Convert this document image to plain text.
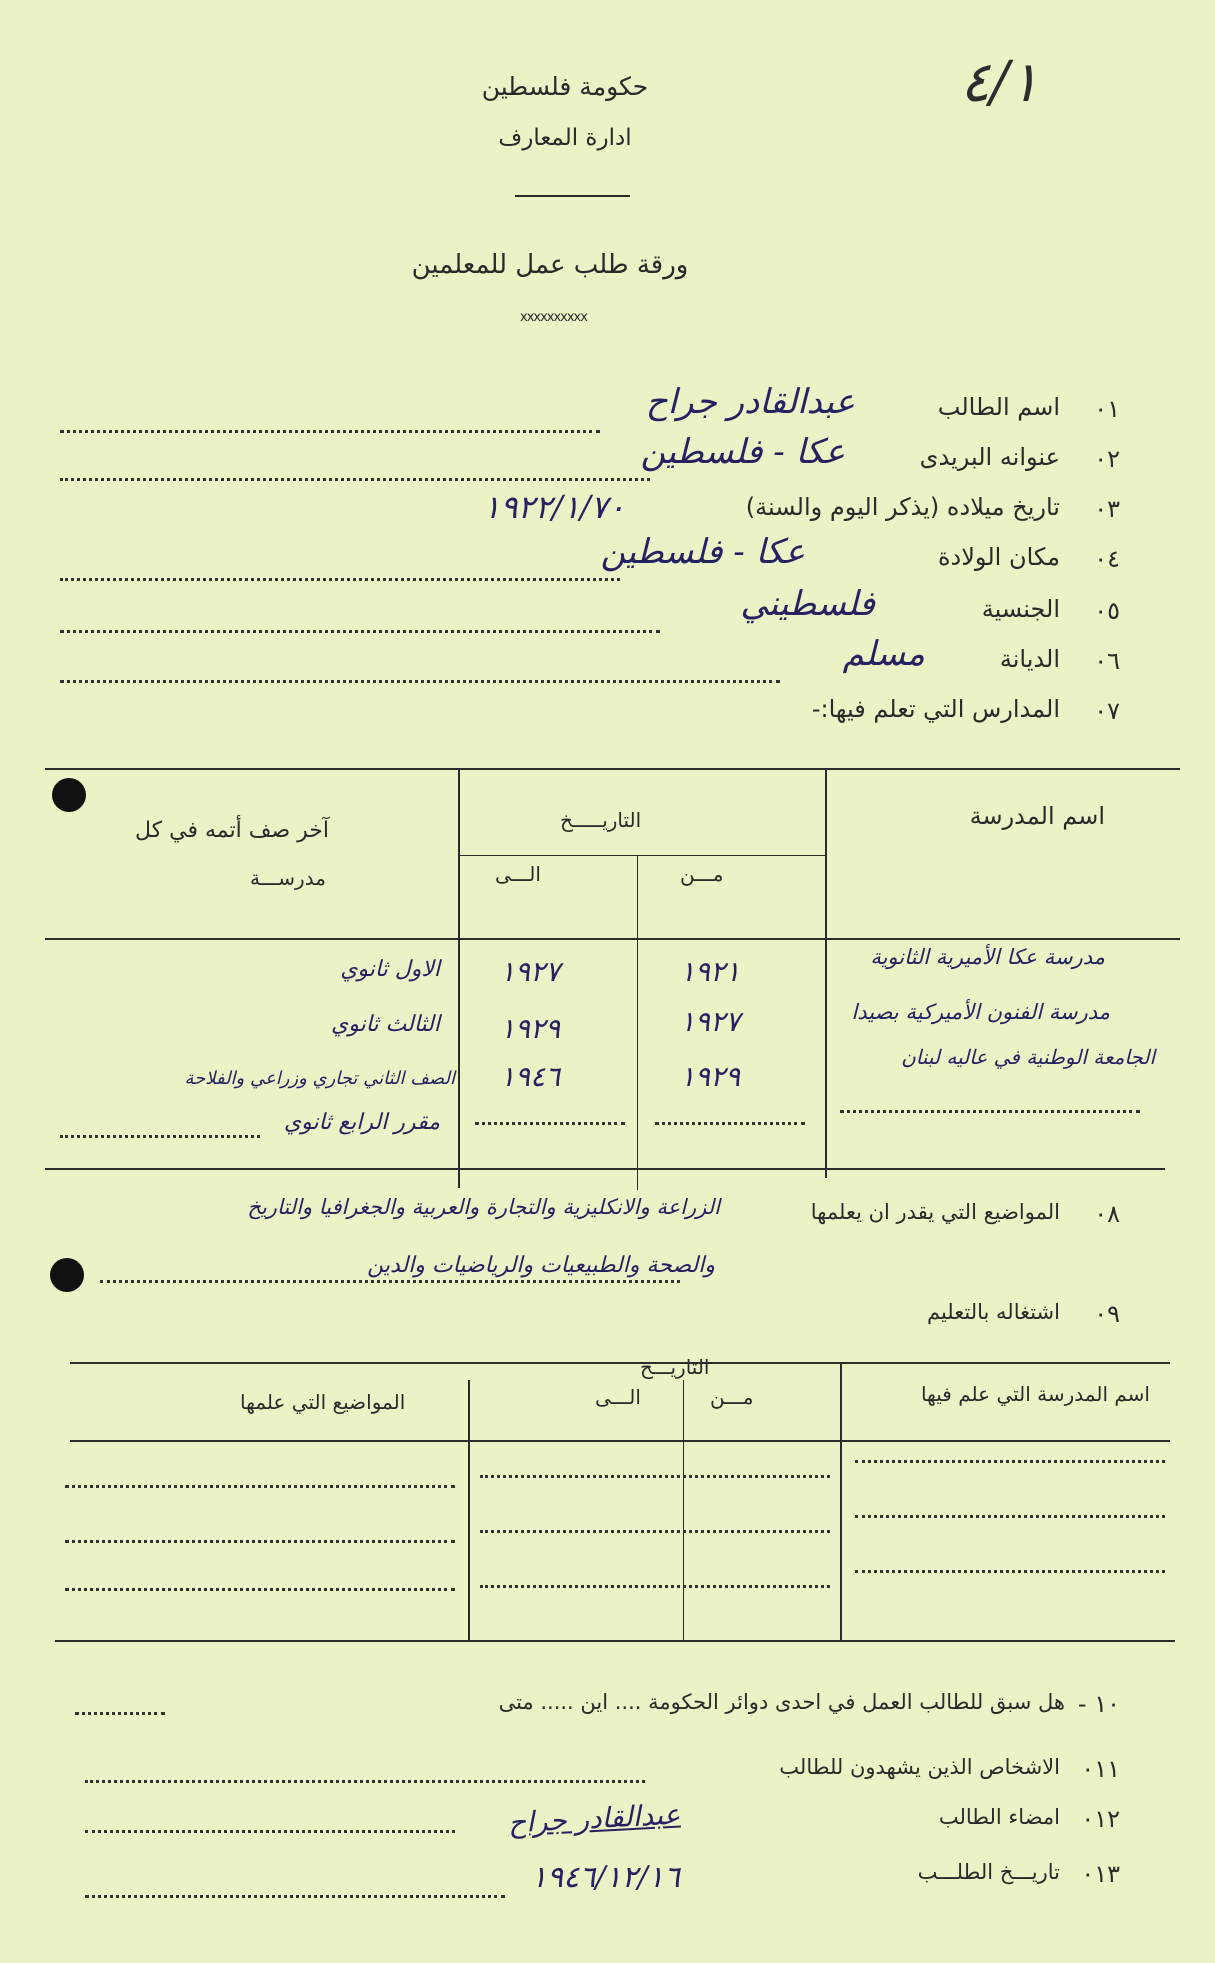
٤/١
حكومة فلسطين
ادارة المعارف
ورقة طلب عمل للمعلمين
xxxxxxxxxx
٠١
اسم الطالب
عبدالقادر جراح
٠٢
عنوانه البريدى
عكا - فلسطين
٠٣
تاريخ ميلاده (يذكر اليوم والسنة)
١٩٢٢/١/٧٠
٠٤
مكان الولادة
عكا - فلسطين
٠٥
الجنسية
فلسطيني
٠٦
الديانة
مسلم
٠٧
المدارس التي تعلم فيها:-
اسم المدرسة
التاريـــــخ
مـــن
الـــى
آخر صف أتمه في كل
مدرســـة
مدرسة عكا الأميرية الثانوية
١٩٢١
١٩٢٧
الاول ثانوي
مدرسة الفنون الأميركية بصيدا
١٩٢٧
١٩٢٩
الثالث ثانوي
الجامعة الوطنية في عاليه لبنان
١٩٢٩
١٩٤٦
الصف الثاني تجاري وزراعي والفلاحة
مقرر الرابع ثانوي
٠٨
المواضيع التي يقدر ان يعلمها
الزراعة والانكليزية والتجارة والعربية والجغرافيا والتاريخ
والصحة والطبيعيات والرياضيات والدين
٠٩
اشتغاله بالتعليم
اسم المدرسة التي علم فيها
التاريـــخ
مـــن
الـــى
المواضيع التي علمها
١٠ -
هل سبق للطالب العمل في احدى دوائر الحكومة .... اين ..... متى
٠١١
الاشخاص الذين يشهدون للطالب
٠١٢
امضاء الطالب
عبدالقادر جراح
٠١٣
تاريـــخ الطلـــب
١٩٤٦/١٢/١٦
